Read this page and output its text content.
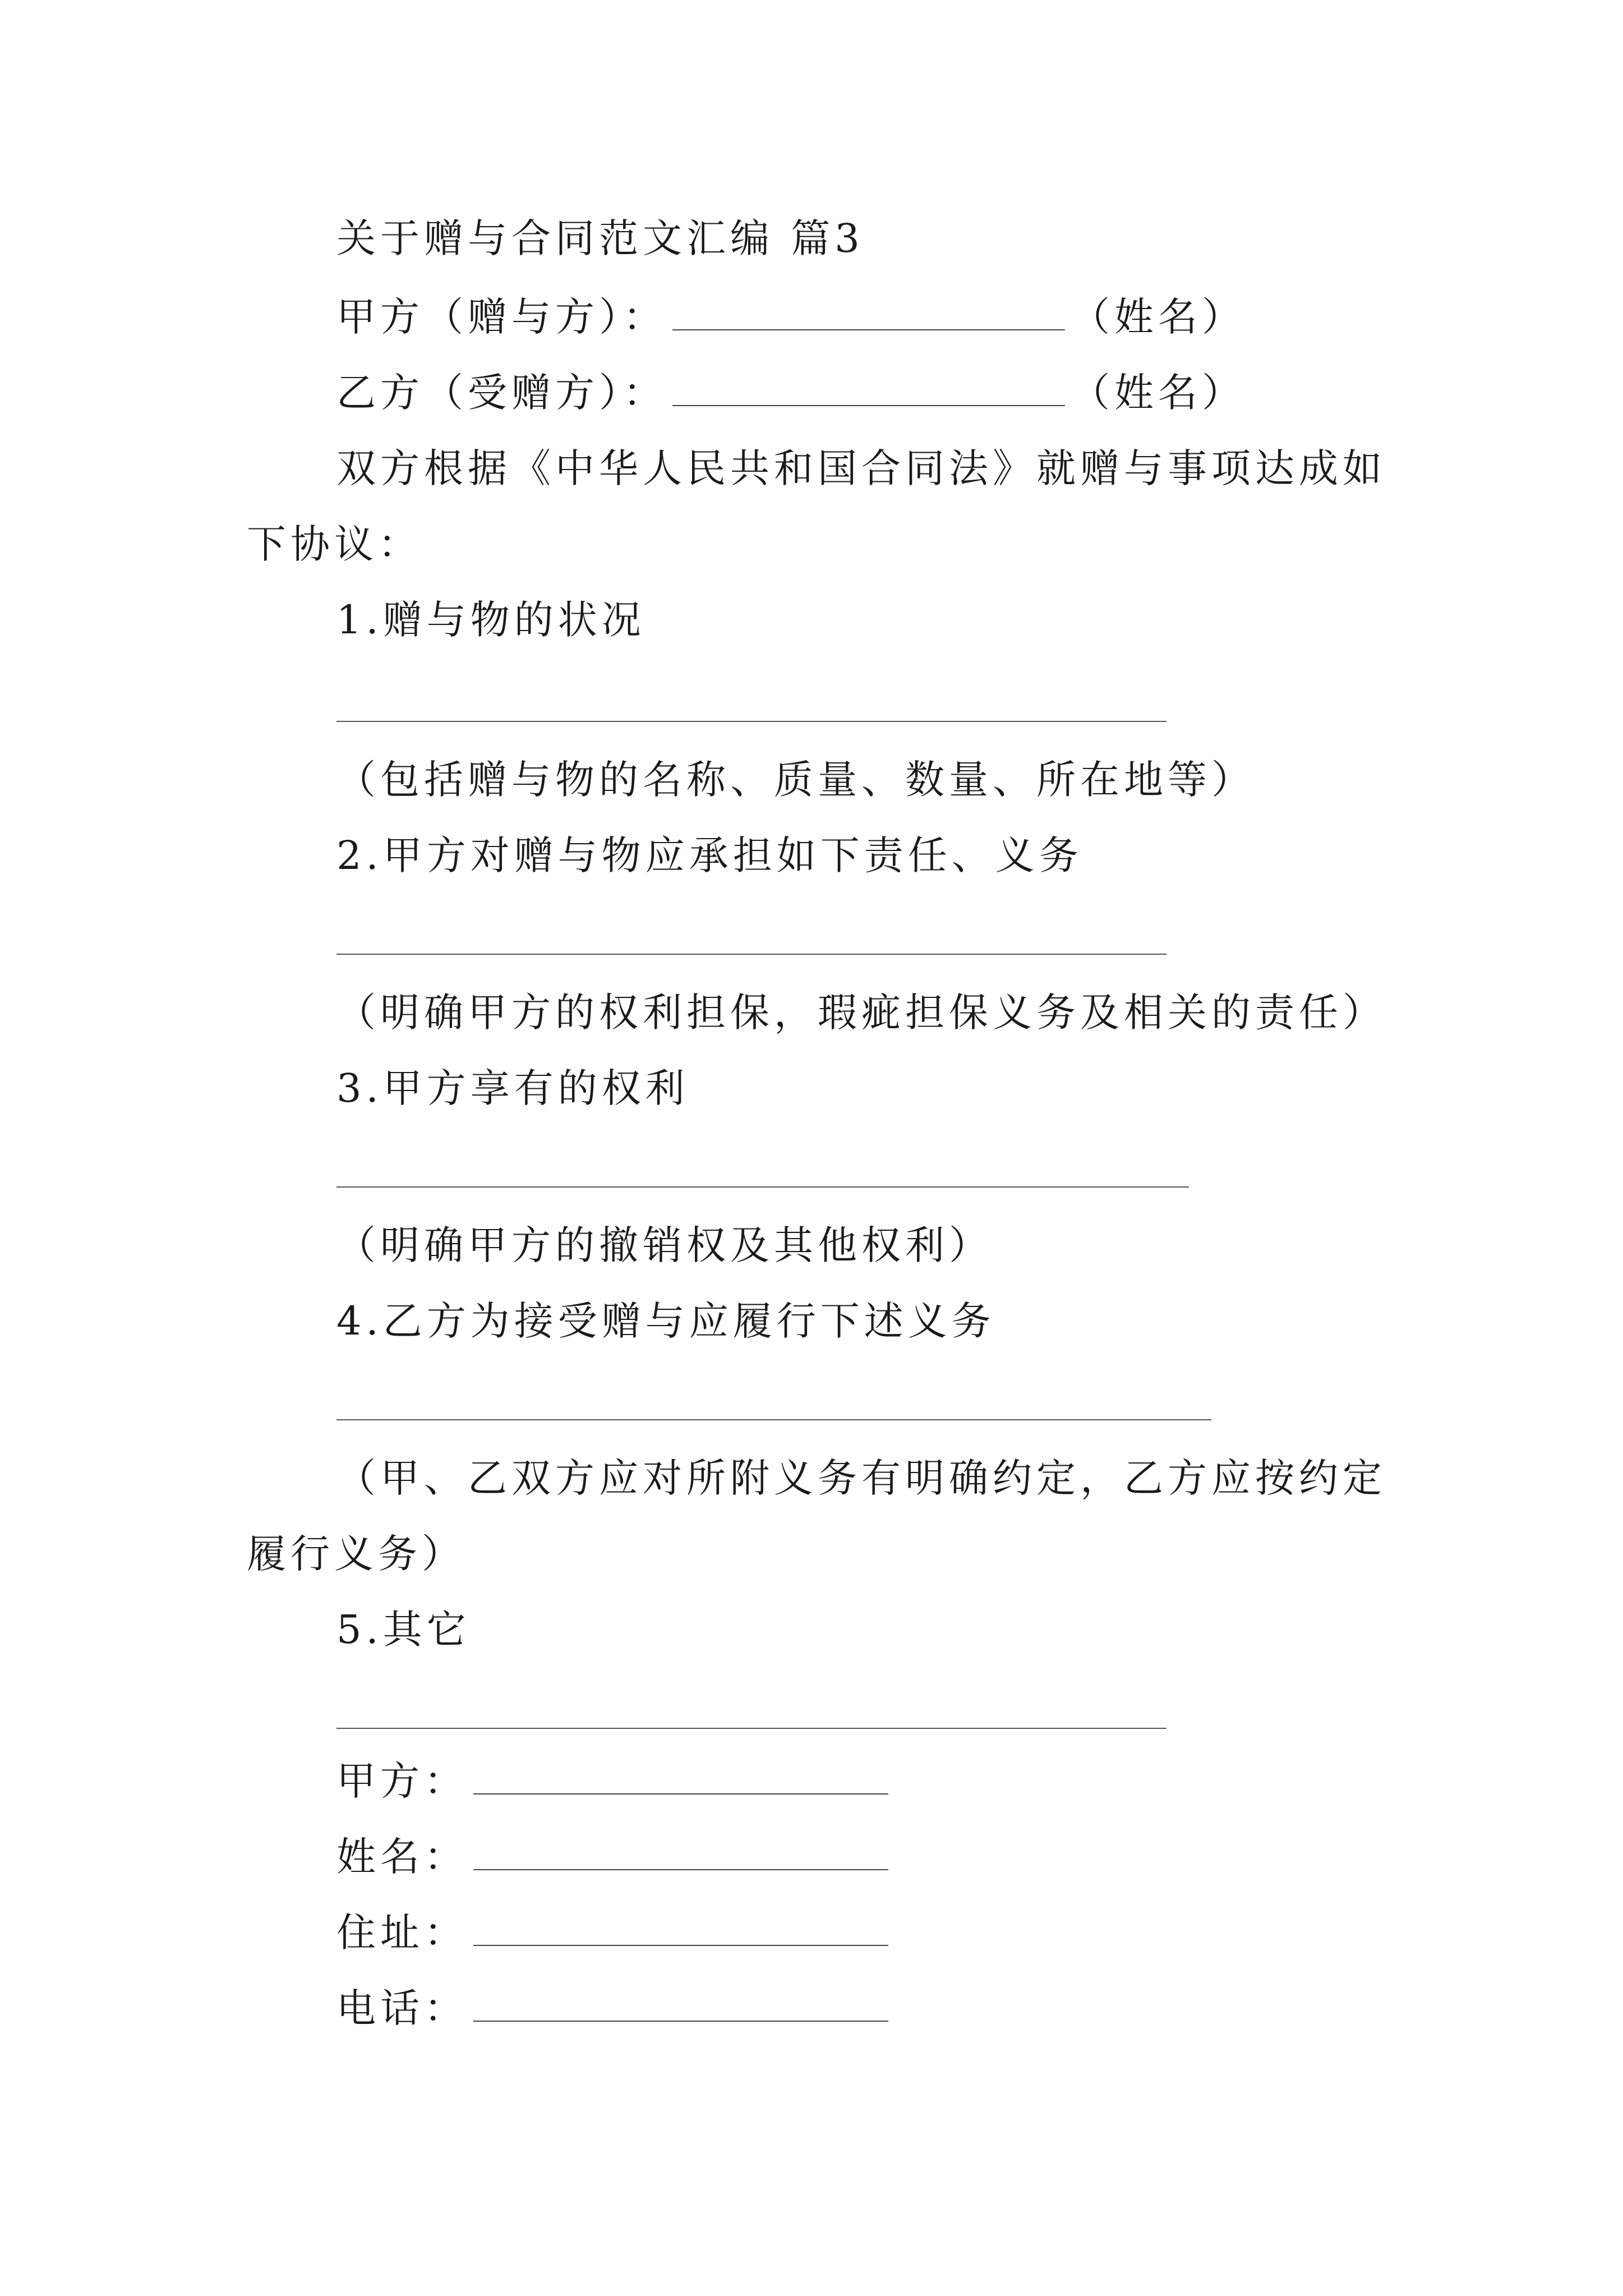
关于赠与合同范文汇编 篇3
甲方（赠与方）：	（姓名）
乙方（受赠方）：	（姓名）
双方根据《中华人民共和国合同法》就赠与事项达成如
下协议：
1.赠与物的状况
（包括赠与物的名称、质量、数量、所在地等）
2.甲方对赠与物应承担如下责任、义务
（明确甲方的权利担保，瑕疵担保义务及相关的责任）
3.甲方享有的权利
（明确甲方的撤销权及其他权利）
4.乙方为接受赠与应履行下述义务
（甲、乙双方应对所附义务有明确约定，乙方应按约定
履行义务）
5.其它
甲方：
姓名：
住址：
电话：
